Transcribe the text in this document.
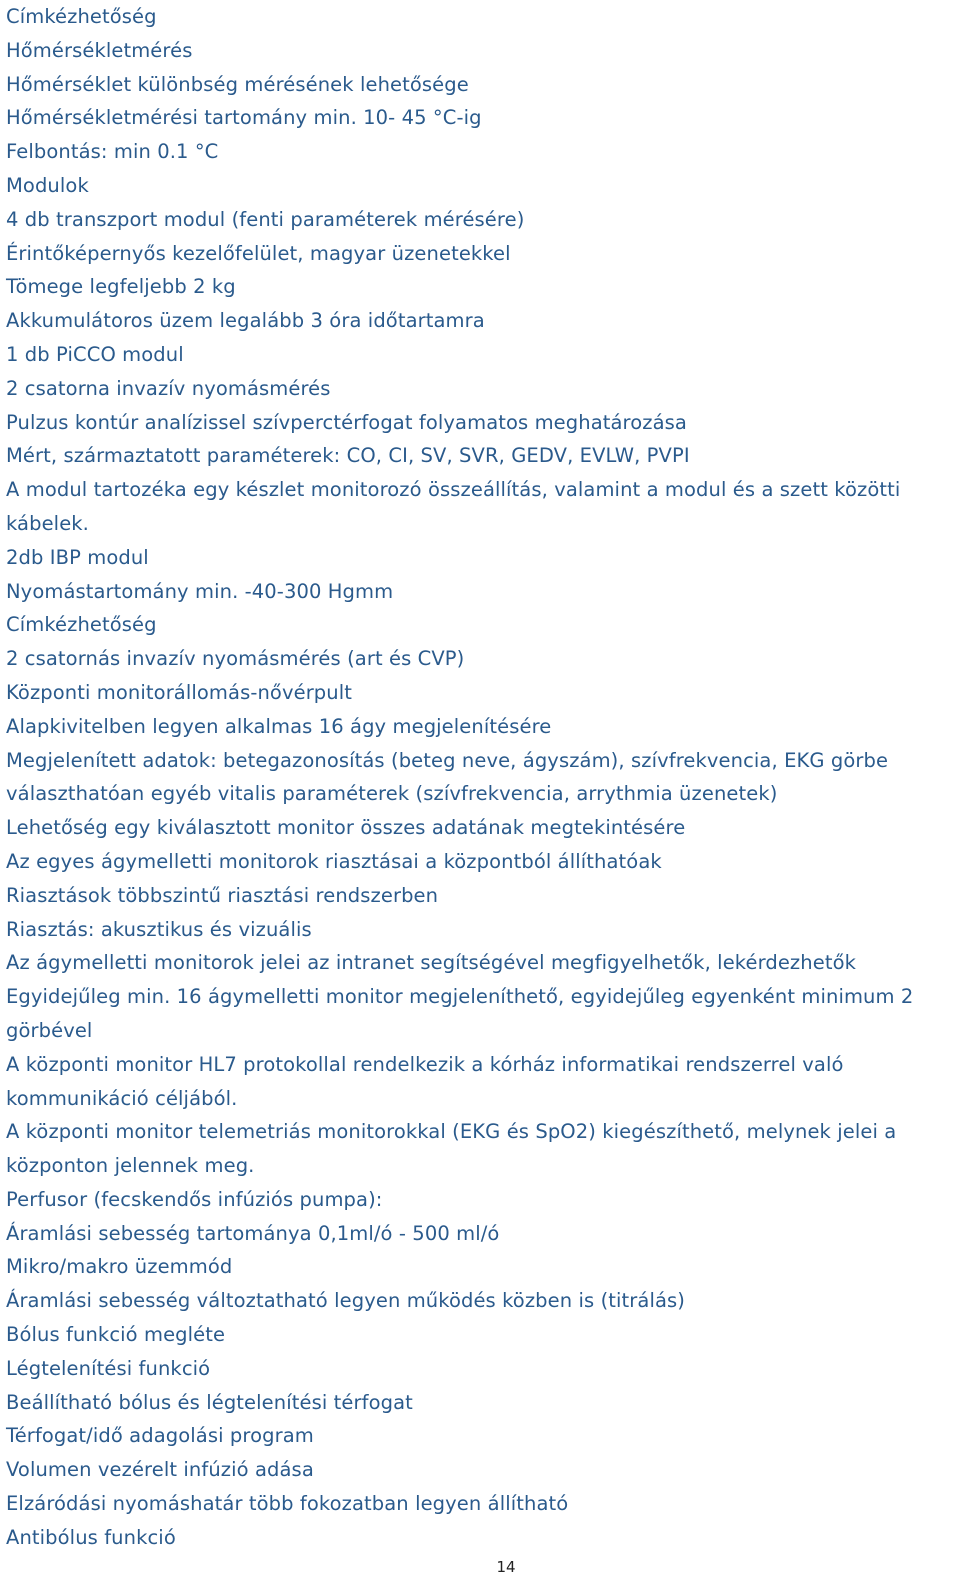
Címkézhetőség
Hőmérsékletmérés
Hőmérséklet különbség mérésének lehetősége
Hőmérsékletmérési tartomány min. 10- 45 °C-ig
Felbontás: min 0.1 °C
Modulok
4 db transzport modul (fenti paraméterek mérésére)
Érintőképernyős kezelőfelület, magyar üzenetekkel
Tömege legfeljebb 2 kg
Akkumulátoros üzem legalább 3 óra időtartamra
1 db PiCCO modul
2 csatorna invazív nyomásmérés
Pulzus kontúr analízissel szívperctérfogat folyamatos meghatározása
Mért, származtatott paraméterek: CO, CI, SV, SVR, GEDV, EVLW, PVPI
A modul tartozéka egy készlet monitorozó összeállítás, valamint a modul és a szett közötti
kábelek.
2db IBP modul
Nyomástartomány min. -40-300 Hgmm
Címkézhetőség
2 csatornás invazív nyomásmérés (art és CVP)
Központi monitorállomás-nővérpult
Alapkivitelben legyen alkalmas 16 ágy megjelenítésére
Megjelenített adatok: betegazonosítás (beteg neve, ágyszám), szívfrekvencia, EKG görbe
választhatóan egyéb vitalis paraméterek (szívfrekvencia, arrythmia üzenetek)
Lehetőség egy kiválasztott monitor összes adatának megtekintésére
Az egyes ágymelletti monitorok riasztásai a központból állíthatóak
Riasztások többszintű riasztási rendszerben
Riasztás: akusztikus és vizuális
Az ágymelletti monitorok jelei az intranet segítségével megfigyelhetők, lekérdezhetők
Egyidejűleg min. 16 ágymelletti monitor megjeleníthető, egyidejűleg egyenként minimum 2
görbével
A központi monitor HL7 protokollal rendelkezik a kórház informatikai rendszerrel való
kommunikáció céljából.
A központi monitor telemetriás monitorokkal (EKG és SpO2) kiegészíthető, melynek jelei a
központon jelennek meg.
Perfusor (fecskendős infúziós pumpa):
Áramlási sebesség tartománya 0,1ml/ó - 500 ml/ó
Mikro/makro üzemmód
Áramlási sebesség változtatható legyen működés közben is (titrálás)
Bólus funkció megléte
Légtelenítési funkció
Beállítható bólus és légtelenítési térfogat
Térfogat/idő adagolási program
Volumen vezérelt infúzió adása
Elzáródási nyomáshatár több fokozatban legyen állítható
Antibólus funkció
14
